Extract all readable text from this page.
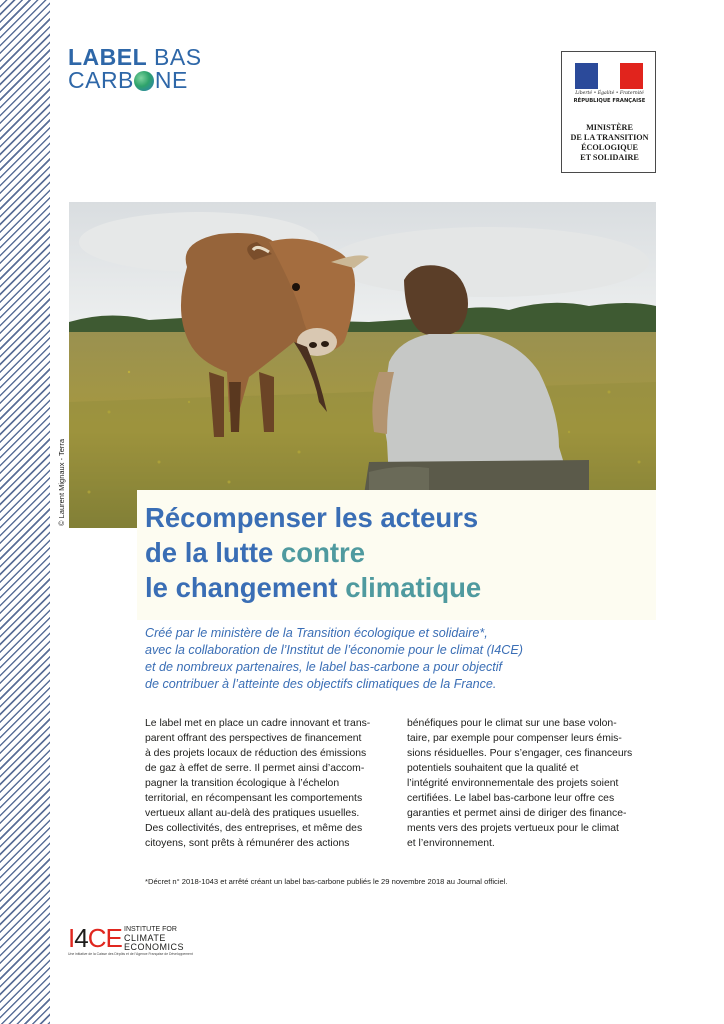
LABEL BAS
CARB NE
Liberté • Égalité • Fraternité
RÉPUBLIQUE FRANÇAISE
MINISTÈRE
DE LA TRANSITION
ÉCOLOGIQUE
ET SOLIDAIRE
© Laurent Mignaux - Terra	Récompenser les acteurs
de la lutte contre
le changement climatique
Créé par le ministère de la Transition écologique et solidaire*,
avec la collaboration de l’Institut de l’économie pour le climat (I4CE)
et de nombreux partenaires, le label bas-carbone a pour objectif
de contribuer à l’atteinte des objectifs climatiques de la France.
Le label met en place un cadre innovant et trans-
parent offrant des perspectives de financement
à des projets locaux de réduction des émissions
de gaz à effet de serre. Il permet ainsi d’accom-
pagner la transition écologique à l’échelon
territorial, en récompensant les comportements
vertueux allant au-delà des pratiques usuelles.
Des collectivités, des entreprises, et même des
citoyens, sont prêts à rémunérer des actions
bénéfiques pour le climat sur une base volon-
taire, par exemple pour compenser leurs émis-
sions résiduelles. Pour s’engager, ces financeurs
potentiels souhaitent que la qualité et
l’intégrité environnementale des projets soient
certifiées. Le label bas-carbone leur offre ces
garanties et permet ainsi de diriger des finance-
ments vers des projets vertueux pour le climat
et l’environnement.
*Décret n° 2018-1043 et arrêté créant un label bas-carbone publiés le 29 novembre 2018 au Journal officiel.
I4CE INSTITUTE FOR
CLIMATE
ECONOMICS
Une initiative de la Caisse des Dépôts et de l’Agence Française de Développement
